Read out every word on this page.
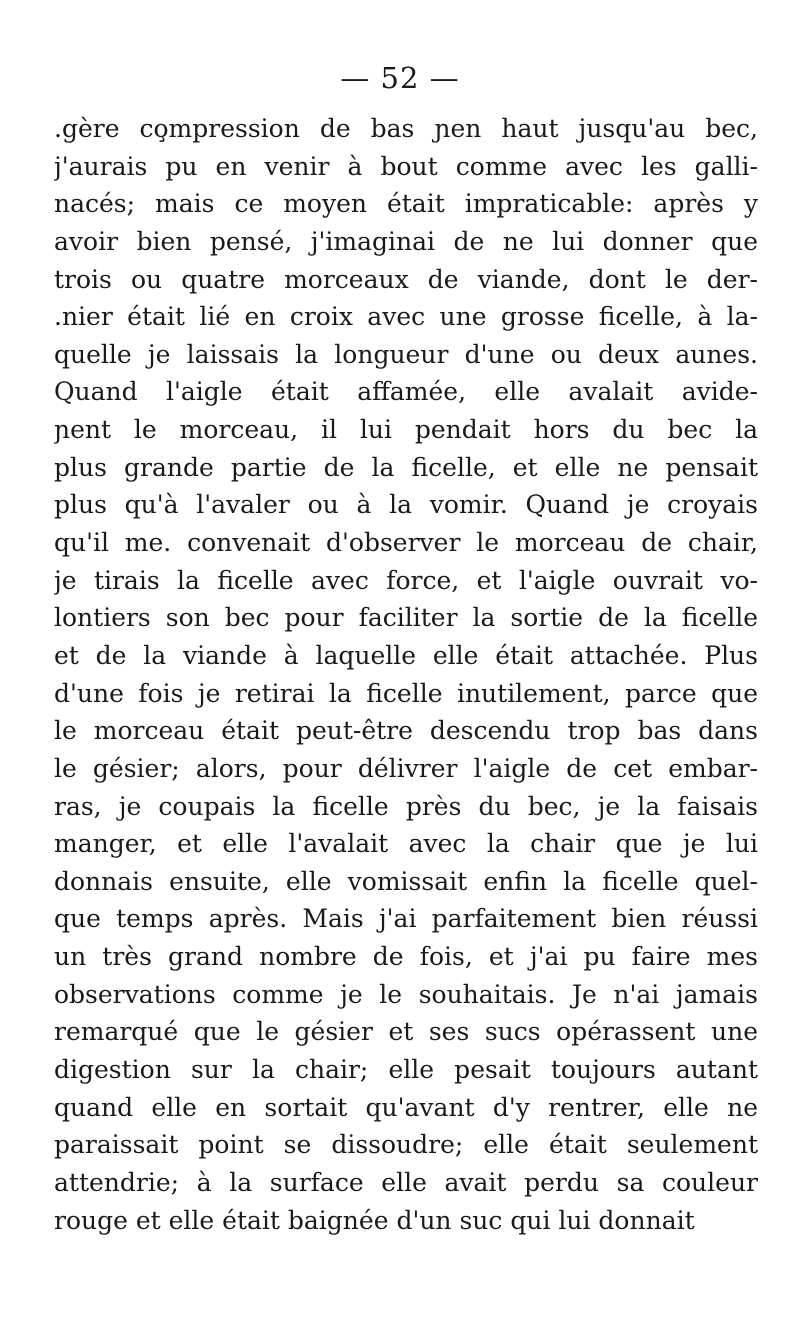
— 52 —
.gère co̧mpression de bas ɲen haut jusqu'au bec,
j'aurais pu en venir à bout comme avec les galli-
nacés; mais ce moyen était impraticable: après y
avoir bien pensé, j'imaginai de ne lui donner que
trois ou quatre morceaux de viande, dont le der-
.nier était lié en croix avec une grosse ficelle, à la-
quelle je laissais la longueur d'une ou deux aunes.
Quand l'aigle était affamée, elle avalait avide-
ɲent le morceau, il lui pendait hors du bec la
plus grande partie de la ficelle, et elle ne pensait
plus qu'à l'avaler ou à la vomir. Quand je croyais
qu'il me. convenait d'observer le morceau de chair,
je tirais la ficelle avec force, et l'aigle ouvrait vo-
lontiers son bec pour faciliter la sortie de la ficelle
et de la viande à laquelle elle était attachée. Plus
d'une fois je retirai la ficelle inutilement, parce que
le morceau était peut-être descendu trop bas dans
le gésier; alors, pour délivrer l'aigle de cet embar-
ras, je coupais la ficelle près du bec, je la faisais
manger, et elle l'avalait avec la chair que je lui
donnais ensuite, elle vomissait enfin la ficelle quel-
que temps après. Mais j'ai parfaitement bien réussi
un très grand nombre de fois, et j'ai pu faire mes
observations comme je le souhaitais. Je n'ai jamais
remarqué que le gésier et ses sucs opérassent une
digestion sur la chair; elle pesait toujours autant
quand elle en sortait qu'avant d'y rentrer, elle ne
paraissait point se dissoudre; elle était seulement
attendrie; à la surface elle avait perdu sa couleur
rouge et elle était baignée d'un suc qui lui donnait
